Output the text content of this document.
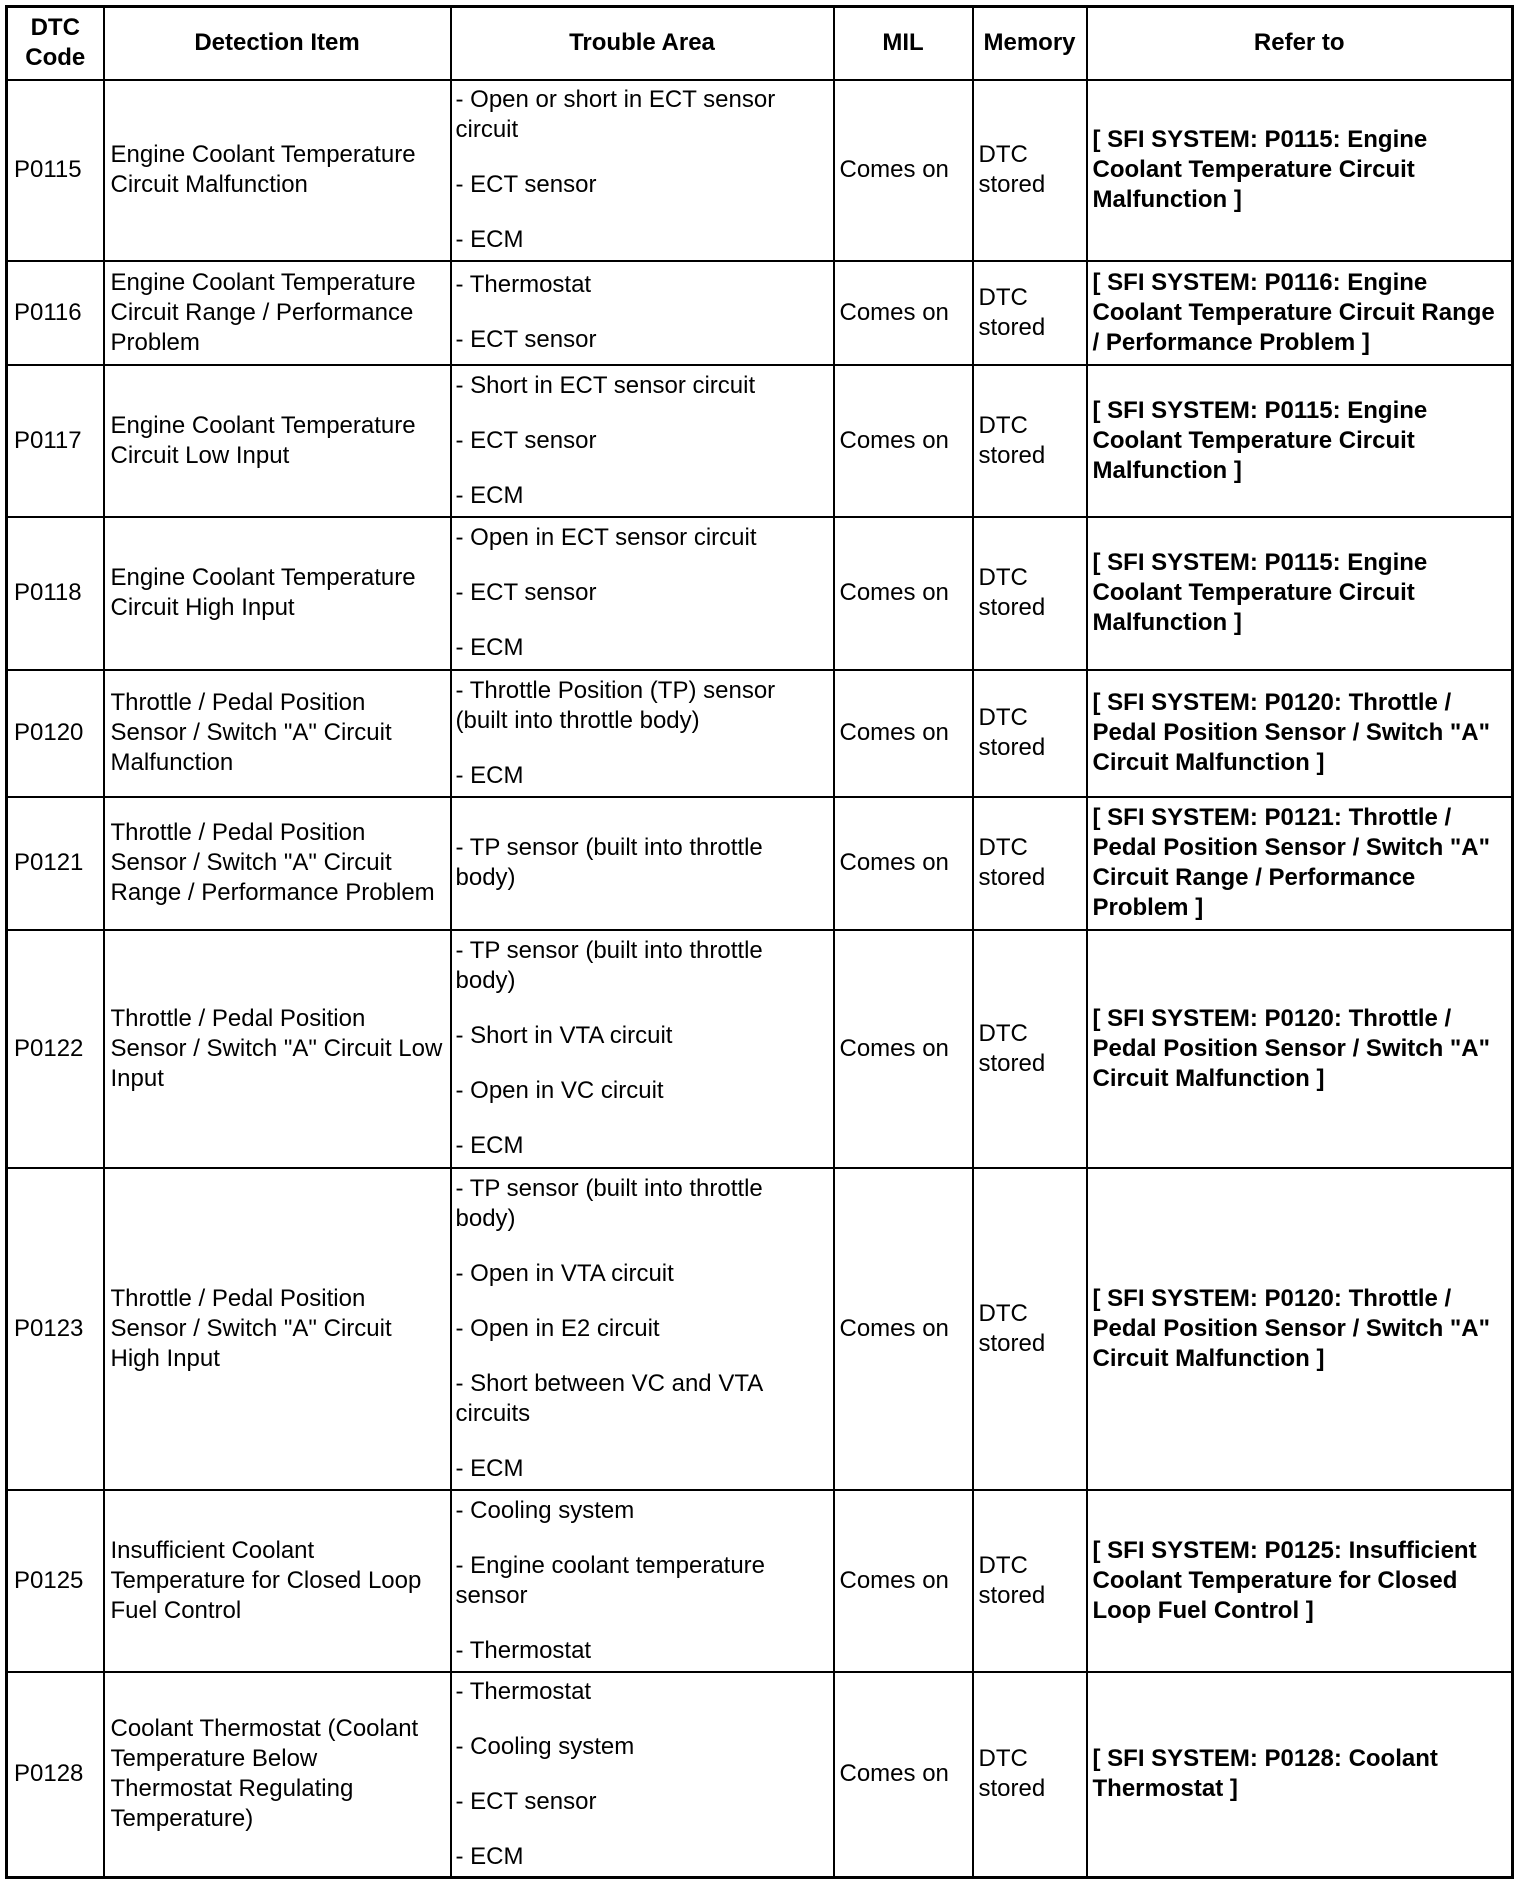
DTC Code	Detection Item	Trouble Area	MIL	Memory	Refer to
P0115	Engine Coolant Temperature Circuit Malfunction	- Open or short in ECT sensor circuit
- ECT sensor
- ECM	Comes on	DTC stored	[ SFI SYSTEM: P0115: Engine Coolant Temperature Circuit Malfunction ]
P0116	Engine Coolant Temperature Circuit Range / Performance Problem	- Thermostat
- ECT sensor	Comes on	DTC stored	[ SFI SYSTEM: P0116: Engine Coolant Temperature Circuit Range / Performance Problem ]
P0117	Engine Coolant Temperature Circuit Low Input	- Short in ECT sensor circuit
- ECT sensor
- ECM	Comes on	DTC stored	[ SFI SYSTEM: P0115: Engine Coolant Temperature Circuit Malfunction ]
P0118	Engine Coolant Temperature Circuit High Input	- Open in ECT sensor circuit
- ECT sensor
- ECM	Comes on	DTC stored	[ SFI SYSTEM: P0115: Engine Coolant Temperature Circuit Malfunction ]
P0120	Throttle / Pedal Position Sensor / Switch "A" Circuit Malfunction	- Throttle Position (TP) sensor (built into throttle body)
- ECM	Comes on	DTC stored	[ SFI SYSTEM: P0120: Throttle / Pedal Position Sensor / Switch "A" Circuit Malfunction ]
P0121	Throttle / Pedal Position Sensor / Switch "A" Circuit Range / Performance Problem	- TP sensor (built into throttle body)	Comes on	DTC stored	[ SFI SYSTEM: P0121: Throttle / Pedal Position Sensor / Switch "A" Circuit Range / Performance Problem ]
P0122	Throttle / Pedal Position Sensor / Switch "A" Circuit Low Input	- TP sensor (built into throttle body)
- Short in VTA circuit
- Open in VC circuit
- ECM	Comes on	DTC stored	[ SFI SYSTEM: P0120: Throttle / Pedal Position Sensor / Switch "A" Circuit Malfunction ]
P0123	Throttle / Pedal Position Sensor / Switch "A" Circuit High Input	- TP sensor (built into throttle body)
- Open in VTA circuit
- Open in E2 circuit
- Short between VC and VTA circuits
- ECM	Comes on	DTC stored	[ SFI SYSTEM: P0120: Throttle / Pedal Position Sensor / Switch "A" Circuit Malfunction ]
P0125	Insufficient Coolant Temperature for Closed Loop Fuel Control	- Cooling system
- Engine coolant temperature sensor
- Thermostat	Comes on	DTC stored	[ SFI SYSTEM: P0125: Insufficient Coolant Temperature for Closed Loop Fuel Control ]
P0128	Coolant Thermostat (Coolant Temperature Below Thermostat Regulating Temperature)	- Thermostat
- Cooling system
- ECT sensor
- ECM	Comes on	DTC stored	[ SFI SYSTEM: P0128: Coolant Thermostat ]
